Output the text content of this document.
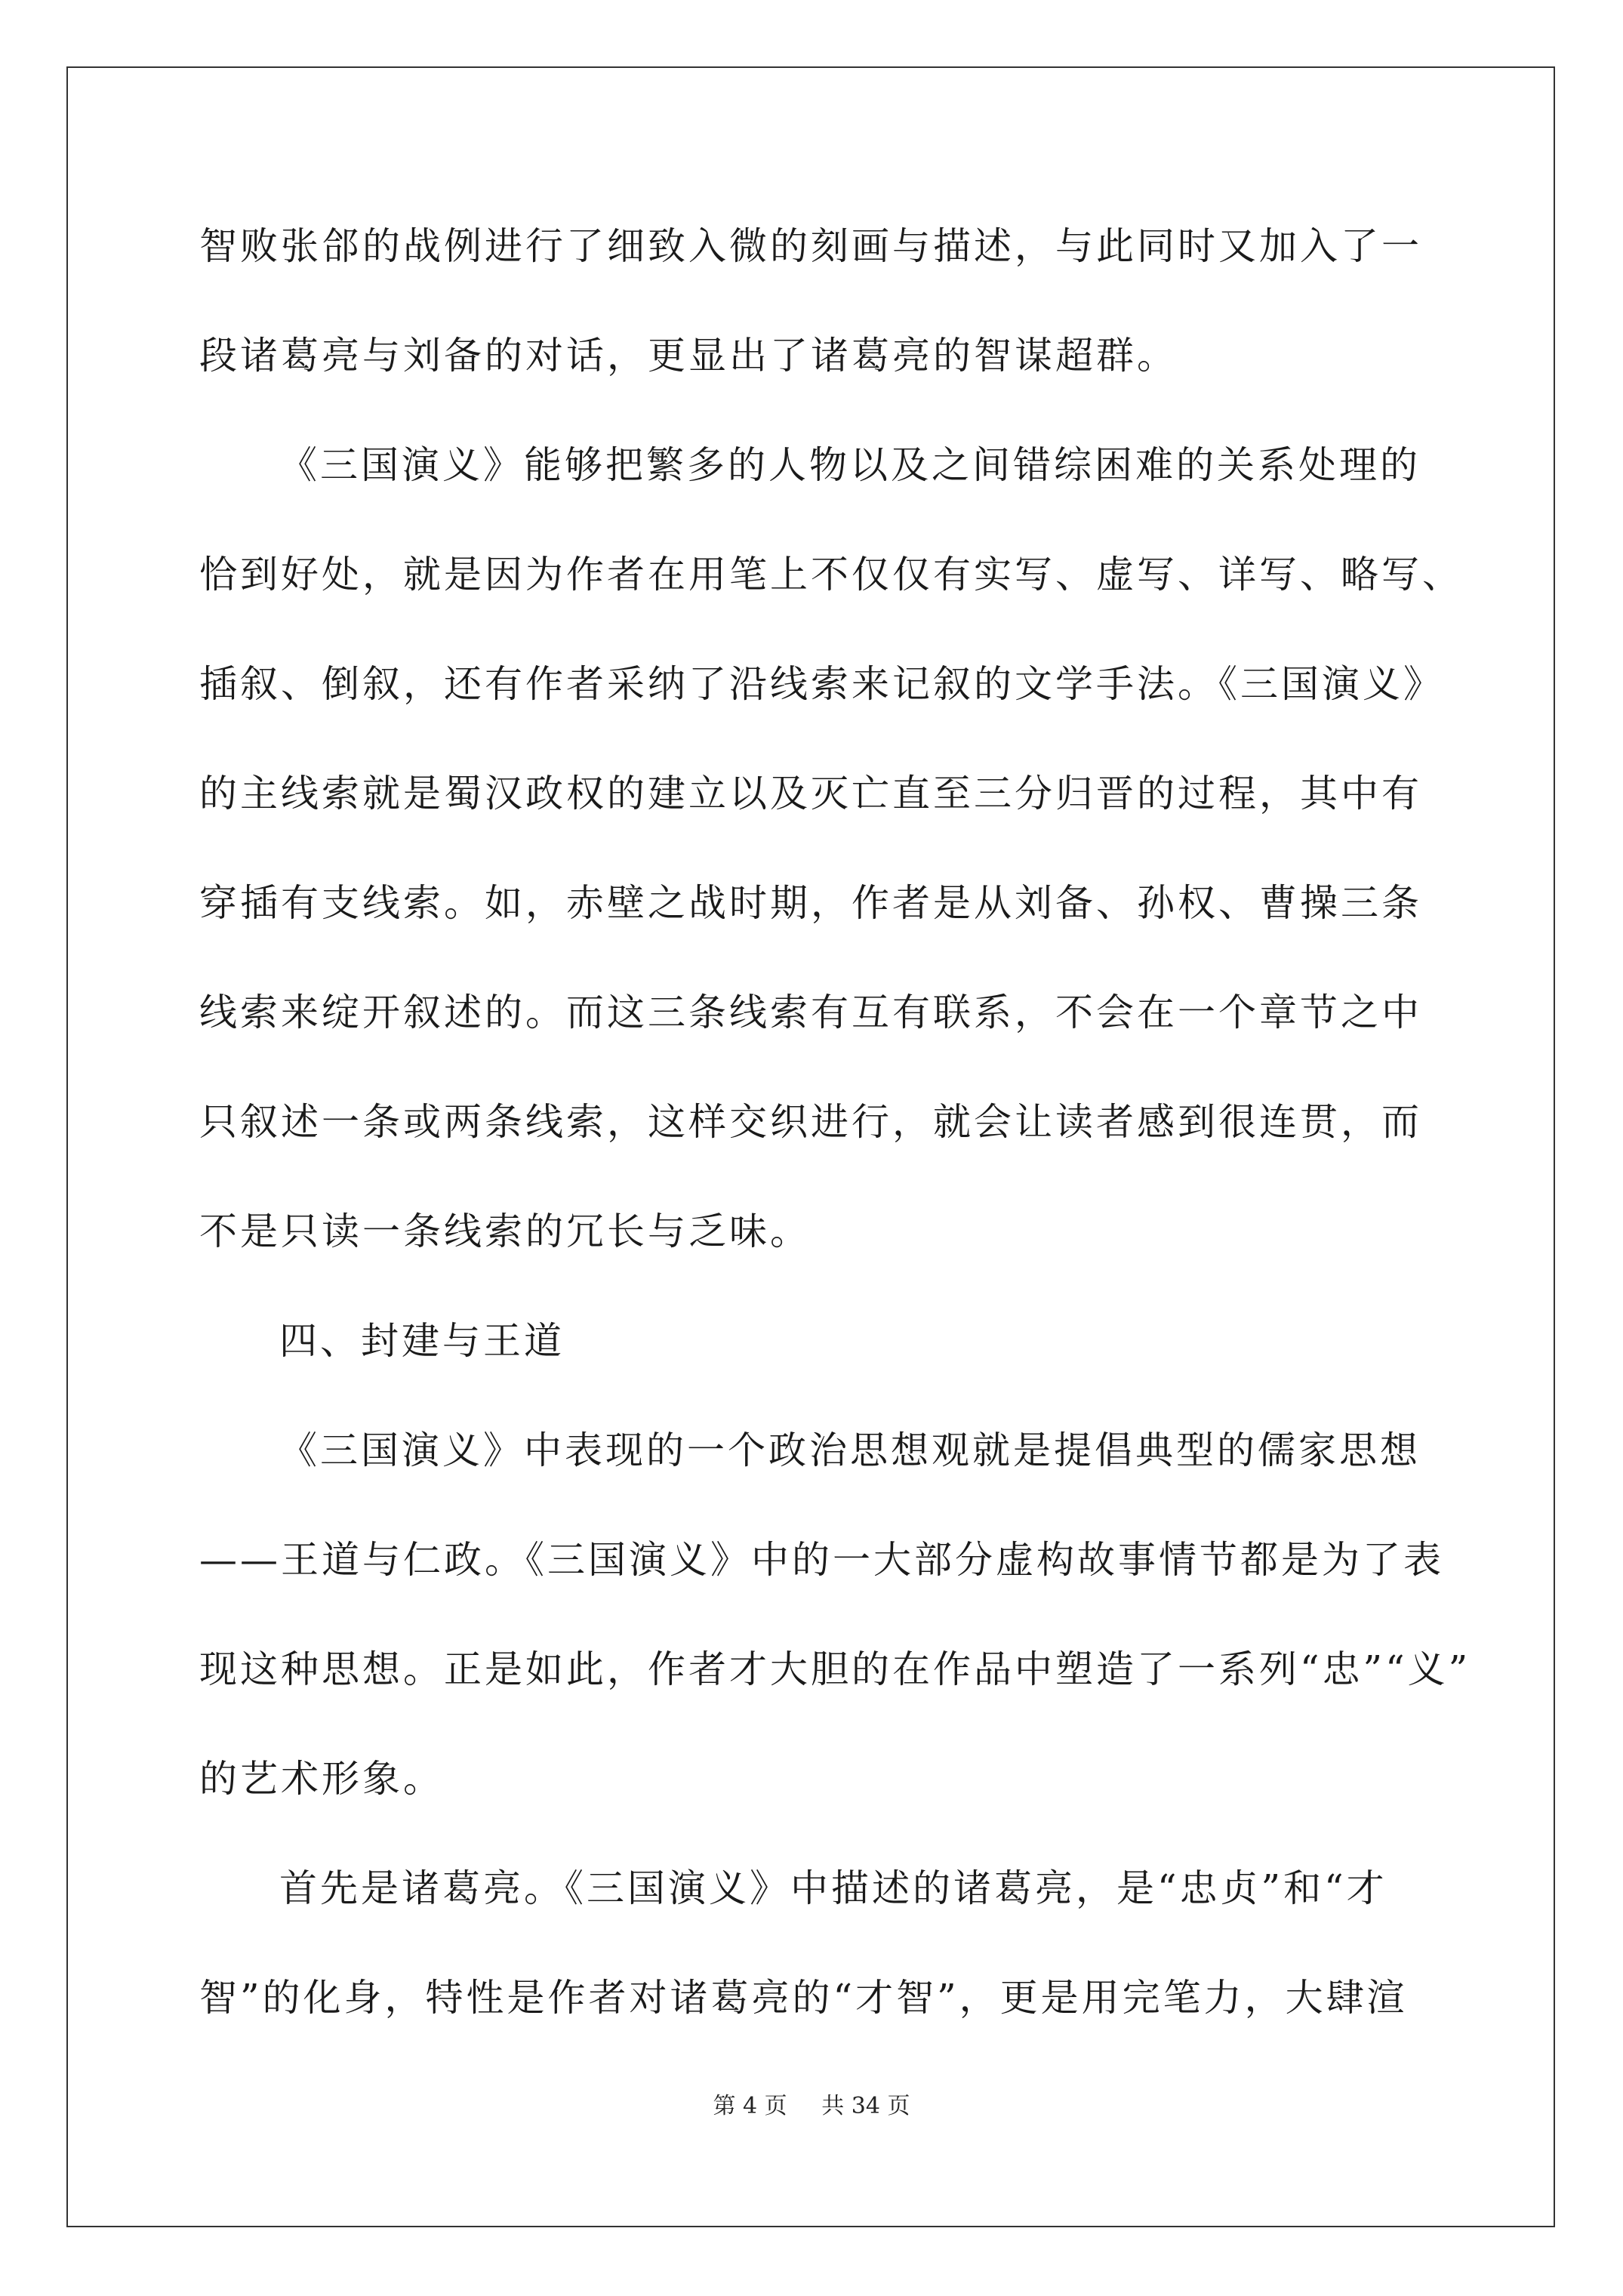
智败张郃的战例进行了细致入微的刻画与描述，与此同时又加入了一
段诸葛亮与刘备的对话，更显出了诸葛亮的智谋超群。
《三国演义》能够把繁多的人物以及之间错综困难的关系处理的
恰到好处，就是因为作者在用笔上不仅仅有实写、虚写、详写、略写、
插叙、倒叙，还有作者采纳了沿线索来记叙的文学手法。《三国演义》
的主线索就是蜀汉政权的建立以及灭亡直至三分归晋的过程，其中有
穿插有支线索。如，赤壁之战时期，作者是从刘备、孙权、曹操三条
线索来绽开叙述的。而这三条线索有互有联系，不会在一个章节之中
只叙述一条或两条线索，这样交织进行，就会让读者感到很连贯，而
不是只读一条线索的冗长与乏味。
四、封建与王道
《三国演义》中表现的一个政治思想观就是提倡典型的儒家思想
——王道与仁政。《三国演义》中的一大部分虚构故事情节都是为了表
现这种思想。正是如此，作者才大胆的在作品中塑造了一系列“忠”“义”
的艺术形象。
首先是诸葛亮。《三国演义》中描述的诸葛亮，是“忠贞”和“才
智”的化身，特性是作者对诸葛亮的“才智”，更是用完笔力，大肆渲
第 4 页 共 34 页
